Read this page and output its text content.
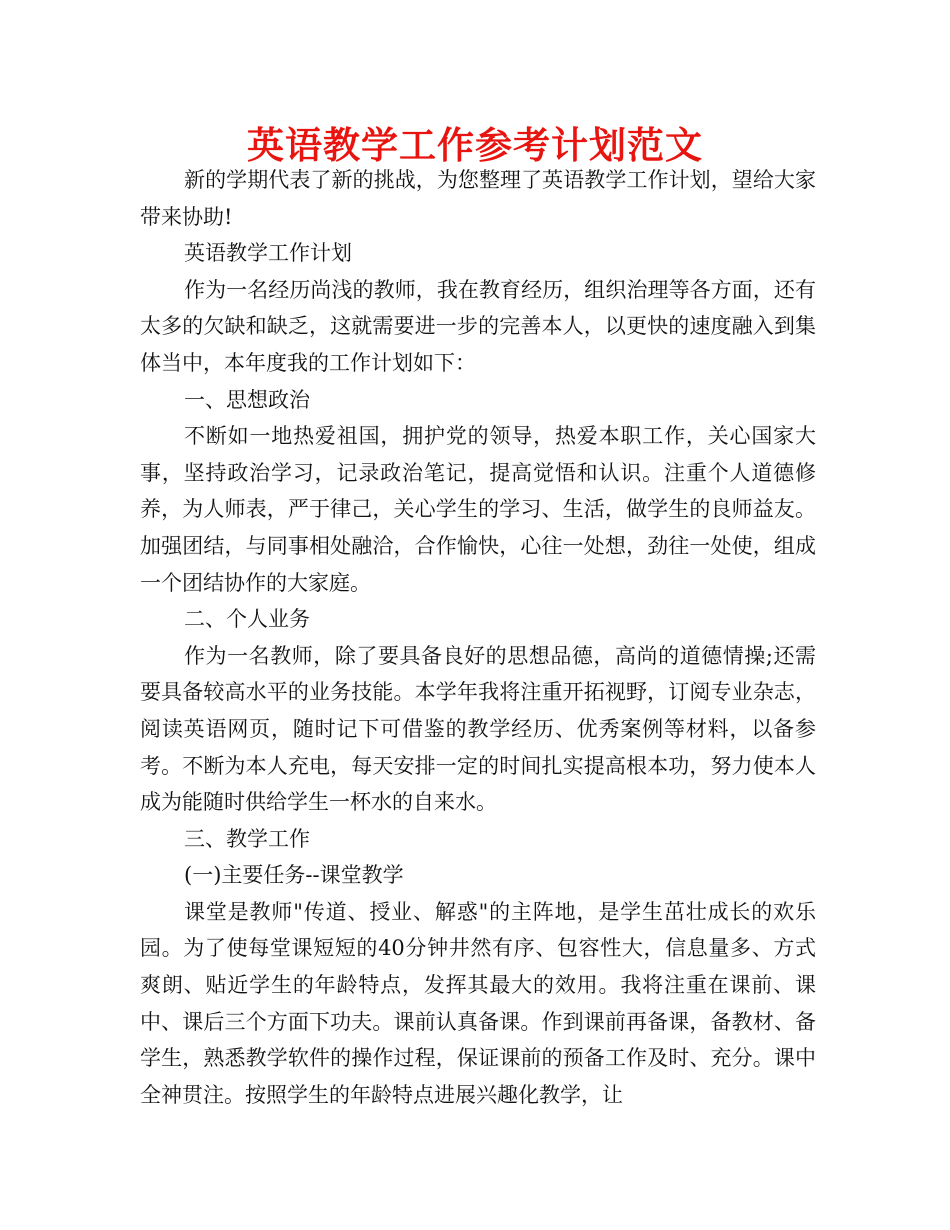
英语教学工作参考计划范文

新的学期代表了新的挑战，为您整理了英语教学工作计划，望给大家带来协助!

英语教学工作计划

作为一名经历尚浅的教师，我在教育经历，组织治理等各方面，还有太多的欠缺和缺乏，这就需要进一步的完善本人，以更快的速度融入到集体当中，本年度我的工作计划如下：

一、思想政治

不断如一地热爱祖国，拥护党的领导，热爱本职工作，关心国家大事，坚持政治学习，记录政治笔记，提高觉悟和认识。注重个人道德修养，为人师表，严于律己，关心学生的学习、生活，做学生的良师益友。加强团结，与同事相处融洽，合作愉快，心往一处想，劲往一处使，组成一个团结协作的大家庭。

二、个人业务

作为一名教师，除了要具备良好的思想品德，高尚的道德情操;还需要具备较高水平的业务技能。本学年我将注重开拓视野，订阅专业杂志，阅读英语网页，随时记下可借鉴的教学经历、优秀案例等材料，以备参考。不断为本人充电，每天安排一定的时间扎实提高根本功，努力使本人成为能随时供给学生一杯水的自来水。

三、教学工作

(一)主要任务--课堂教学

课堂是教师"传道、授业、解惑"的主阵地，是学生茁壮成长的欢乐园。为了使每堂课短短的40分钟井然有序、包容性大，信息量多、方式爽朗、贴近学生的年龄特点，发挥其最大的效用。我将注重在课前、课中、课后三个方面下功夫。课前认真备课。作到课前再备课，备教材、备学生，熟悉教学软件的操作过程，保证课前的预备工作及时、充分。课中全神贯注。按照学生的年龄特点进展兴趣化教学，让
